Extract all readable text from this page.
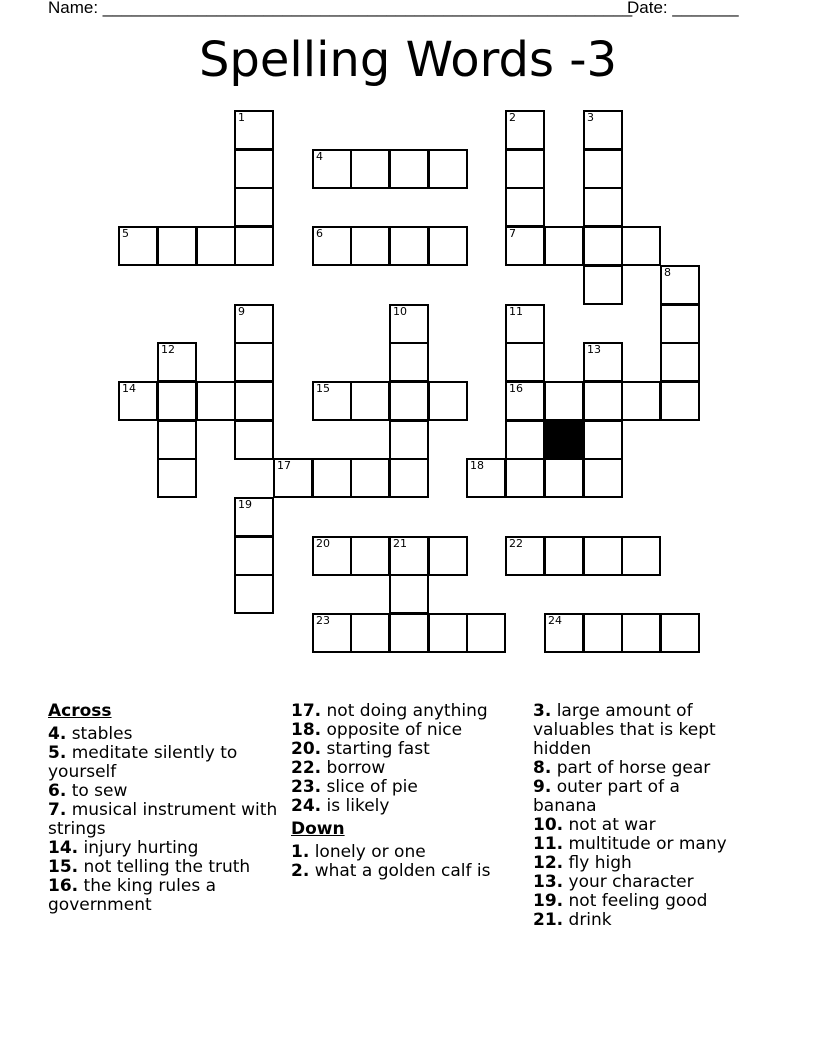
Name: ________________________________________________________
Date: _______
Spelling Words -3
1	2	3
4
5	6	7
8
9	10	11
12	13
14	15	16
17	18
19
20	21	22
23	24
Across
4. stables
5. meditate silently to yourself
6. to sew
7. musical instrument with strings
14. injury hurting
15. not telling the truth
16. the king rules a government
17. not doing anything
18. opposite of nice
20. starting fast
22. borrow
23. slice of pie
24. is likely
Down
1. lonely or one
2. what a golden calf is
3. large amount of valuables that is kept hidden
8. part of horse gear
9. outer part of a banana
10. not at war
11. multitude or many
12. fly high
13. your character
19. not feeling good
21. drink
